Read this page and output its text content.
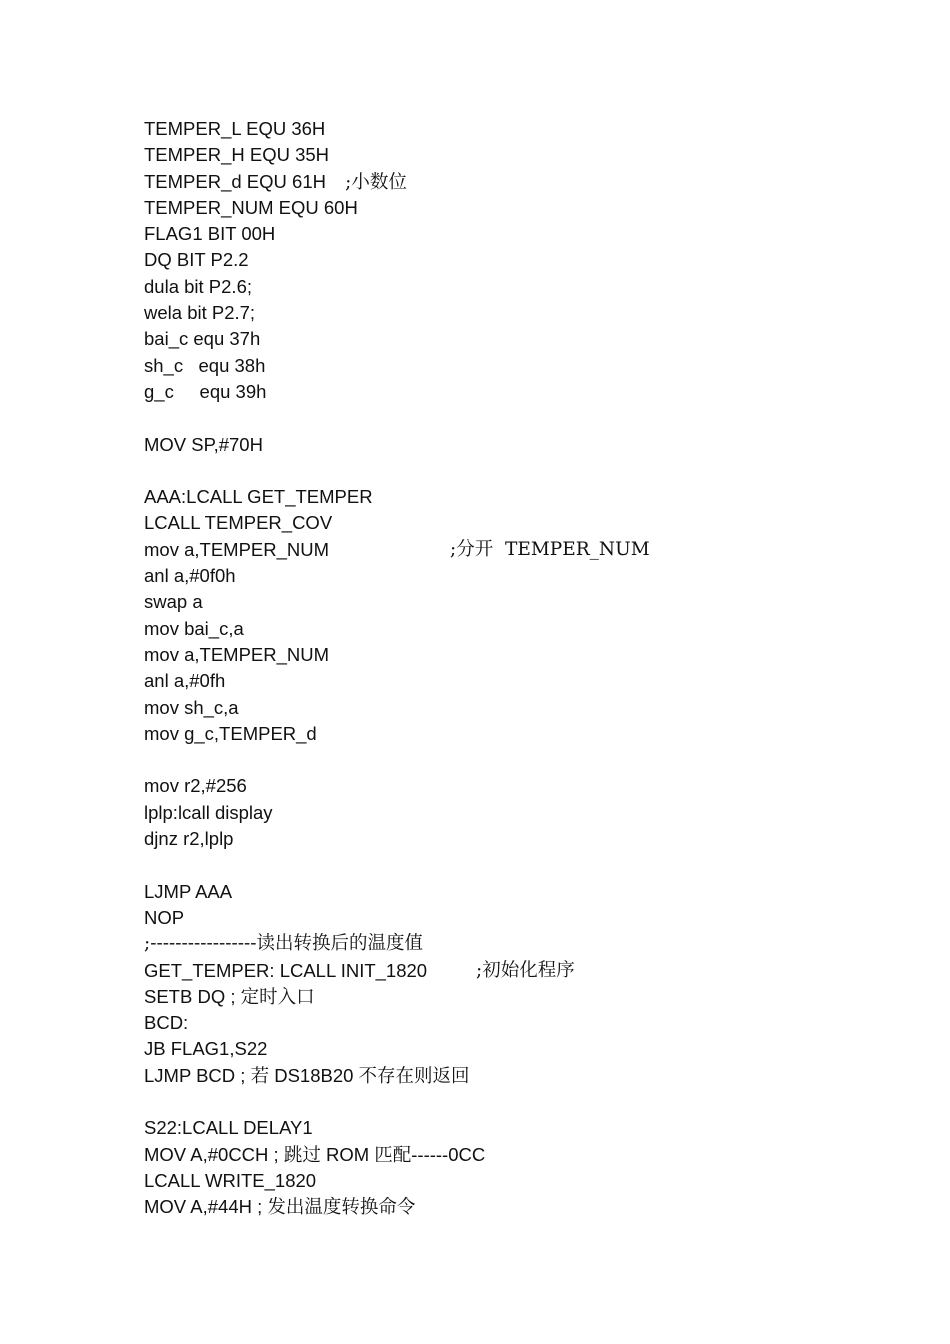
TEMPER_L EQU 36H
TEMPER_H EQU 35H
TEMPER_d EQU 61H ;小数位
TEMPER_NUM EQU 60H
FLAG1 BIT 00H
DQ BIT P2.2
dula bit P2.6;
wela bit P2.7;
bai_c equ 37h
sh_c   equ 38h
g_c     equ 39h
MOV SP,#70H
AAA:LCALL GET_TEMPER
LCALL TEMPER_COV
mov a,TEMPER_NUM	;分开  TEMPER_NUM
anl a,#0f0h
swap a
mov bai_c,a
mov a,TEMPER_NUM
anl a,#0fh
mov sh_c,a
mov g_c,TEMPER_d
mov r2,#256
lplp:lcall display
djnz r2,lplp
LJMP AAA
NOP
;-----------------读出转换后的温度值
GET_TEMPER: LCALL INIT_1820	;初始化程序
SETB DQ ; 定时入口
BCD:
JB FLAG1,S22
LJMP BCD ; 若 DS18B20 不存在则返回
S22:LCALL DELAY1
MOV A,#0CCH ; 跳过 ROM 匹配------0CC
LCALL WRITE_1820
MOV A,#44H ; 发出温度转换命令
